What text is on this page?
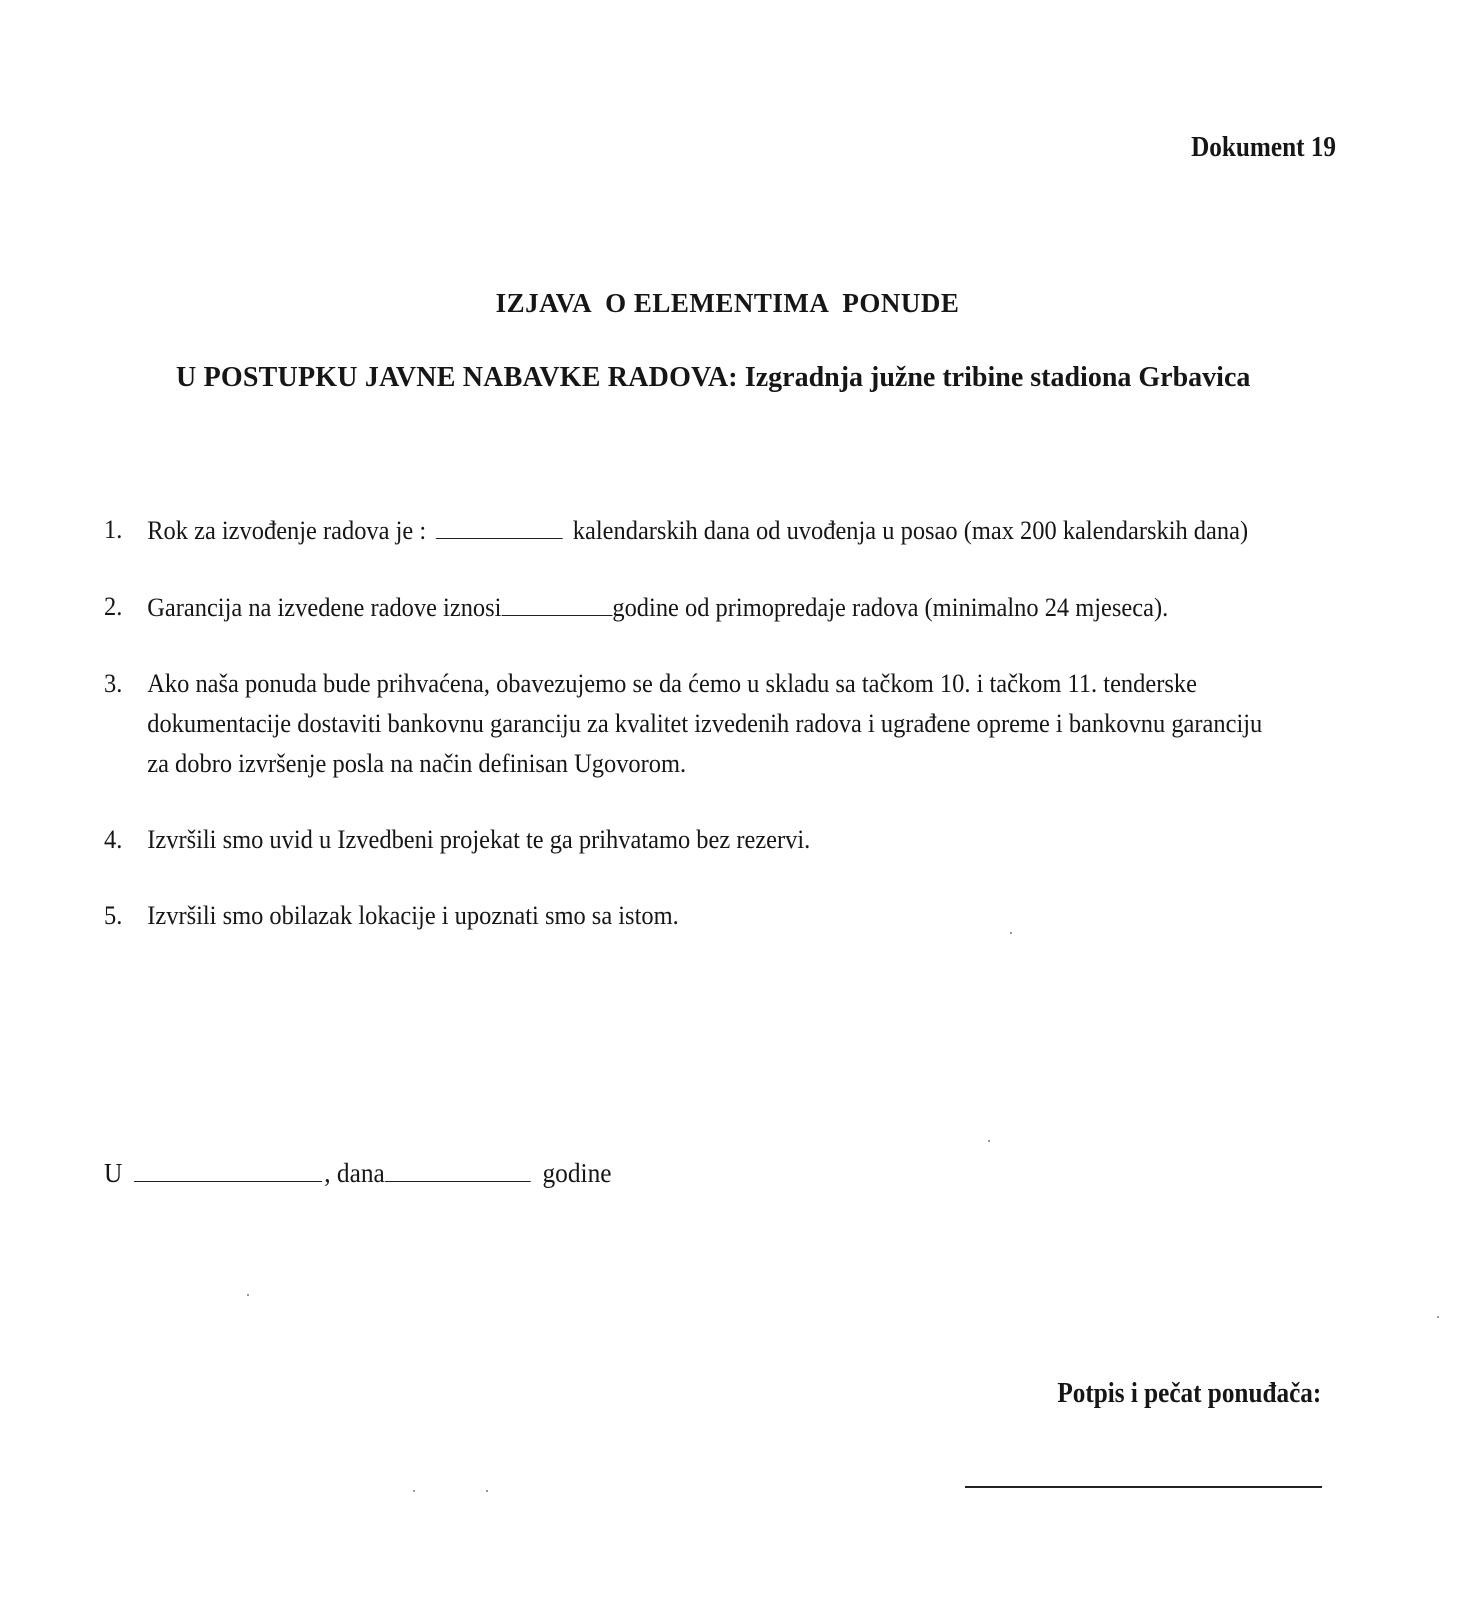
Dokument 19
IZJAVA  O ELEMENTIMA  PONUDE
U POSTUPKU JAVNE NABAVKE RADOVA: Izgradnja južne tribine stadiona Grbavica
1. Rok za izvođenje radova je :	kalendarskih dana od uvođenja u posao (max 200 kalendarskih dana)
2. Garancija na izvedene radove iznosi	godine od primopredaje radova (minimalno 24 mjeseca).
3. Ako naša ponuda bude prihvaćena, obavezujemo se da ćemo u skladu sa tačkom 10. i tačkom 11. tenderske dokumentacije dostaviti bankovnu garanciju za kvalitet izvedenih radova i ugrađene opreme i bankovnu garanciju za dobro izvršenje posla na način definisan Ugovorom.
4. Izvršili smo uvid u Izvedbeni projekat te ga prihvatamo bez rezervi.
5. Izvršili smo obilazak lokacije i upoznati smo sa istom.
U	, dana	godine
Potpis i pečat ponuđača:
